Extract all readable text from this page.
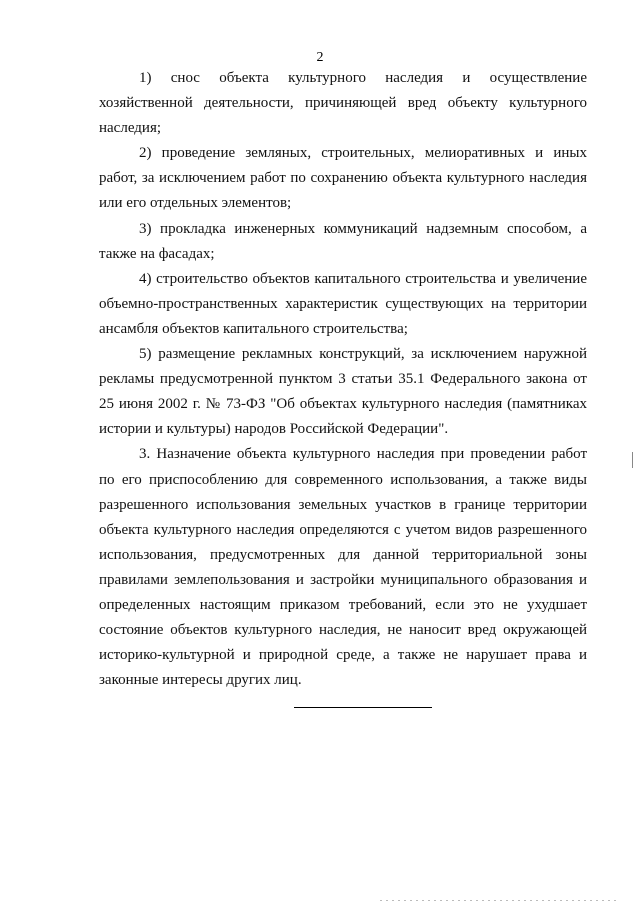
2

1) снос объекта культурного наследия и осуществление хозяйственной деятельности, причиняющей вред объекту культурного наследия;

2) проведение земляных, строительных, мелиоративных и иных работ, за исключением работ по сохранению объекта культурного наследия или его отдельных элементов;

3) прокладка инженерных коммуникаций надземным способом, а также на фасадах;

4) строительство объектов капитального строительства и увеличение объемно-пространственных характеристик существующих на территории ансамбля объектов капитального строительства;

5) размещение рекламных конструкций, за исключением наружной рекламы предусмотренной пунктом 3 статьи 35.1 Федерального закона от 25 июня 2002 г. № 73-ФЗ "Об объектах культурного наследия (памятниках истории и культуры) народов Российской Федерации".

3. Назначение объекта культурного наследия при проведении работ по его приспособлению для современного использования, а также виды разрешенного использования земельных участков в границе территории объекта культурного наследия определяются с учетом видов разрешенного использования, предусмотренных для данной территориальной зоны правилами землепользования и застройки муниципального образования и определенных настоящим приказом требований, если это не ухудшает состояние объектов культурного наследия, не наносит вред окружающей историко-культурной и природной среде, а также не нарушает права и законные интересы других лиц.
